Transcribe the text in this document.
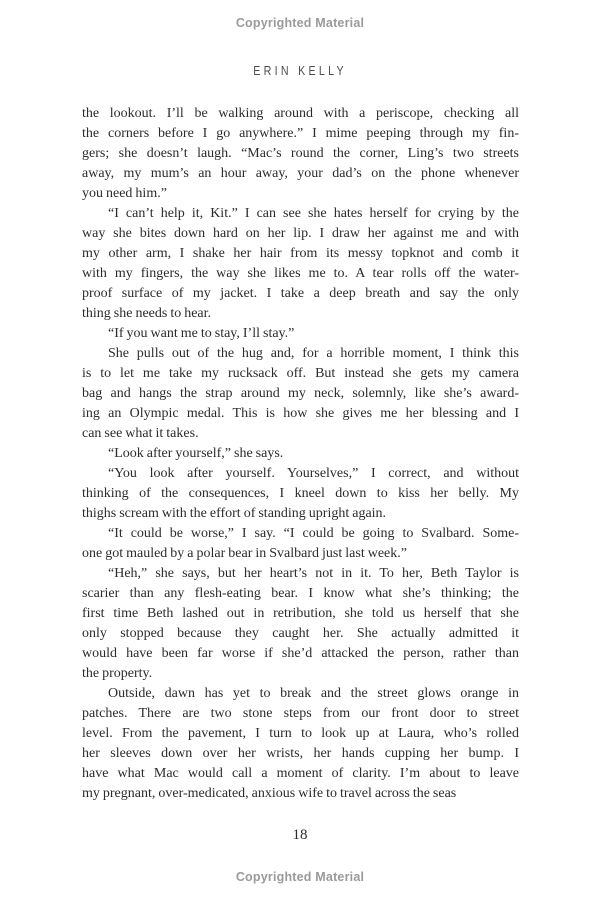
Copyrighted Material
ERIN KELLY
the lookout. I’ll be walking around with a periscope, checking all
the corners before I go anywhere.” I mime peeping through my fin-
gers; she doesn’t laugh. “Mac’s round the corner, Ling’s two streets
away, my mum’s an hour away, your dad’s on the phone whenever
you need him.”
“I can’t help it, Kit.” I can see she hates herself for crying by the
way she bites down hard on her lip. I draw her against me and with
my other arm, I shake her hair from its messy topknot and comb it
with my fingers, the way she likes me to. A tear rolls off the water-
proof surface of my jacket. I take a deep breath and say the only
thing she needs to hear.
“If you want me to stay, I’ll stay.”
She pulls out of the hug and, for a horrible moment, I think this
is to let me take my rucksack off. But instead she gets my camera
bag and hangs the strap around my neck, solemnly, like she’s award-
ing an Olympic medal. This is how she gives me her blessing and I
can see what it takes.
“Look after yourself,” she says.
“You look after yourself. Yourselves,” I correct, and without
thinking of the consequences, I kneel down to kiss her belly. My
thighs scream with the effort of standing upright again.
“It could be worse,” I say. “I could be going to Svalbard. Some-
one got mauled by a polar bear in Svalbard just last week.”
“Heh,” she says, but her heart’s not in it. To her, Beth Taylor is
scarier than any flesh-eating bear. I know what she’s thinking; the
first time Beth lashed out in retribution, she told us herself that she
only stopped because they caught her. She actually admitted it
would have been far worse if she’d attacked the person, rather than
the property.
Outside, dawn has yet to break and the street glows orange in
patches. There are two stone steps from our front door to street
level. From the pavement, I turn to look up at Laura, who’s rolled
her sleeves down over her wrists, her hands cupping her bump. I
have what Mac would call a moment of clarity. I’m about to leave
my pregnant, over-medicated, anxious wife to travel across the seas
18
Copyrighted Material
